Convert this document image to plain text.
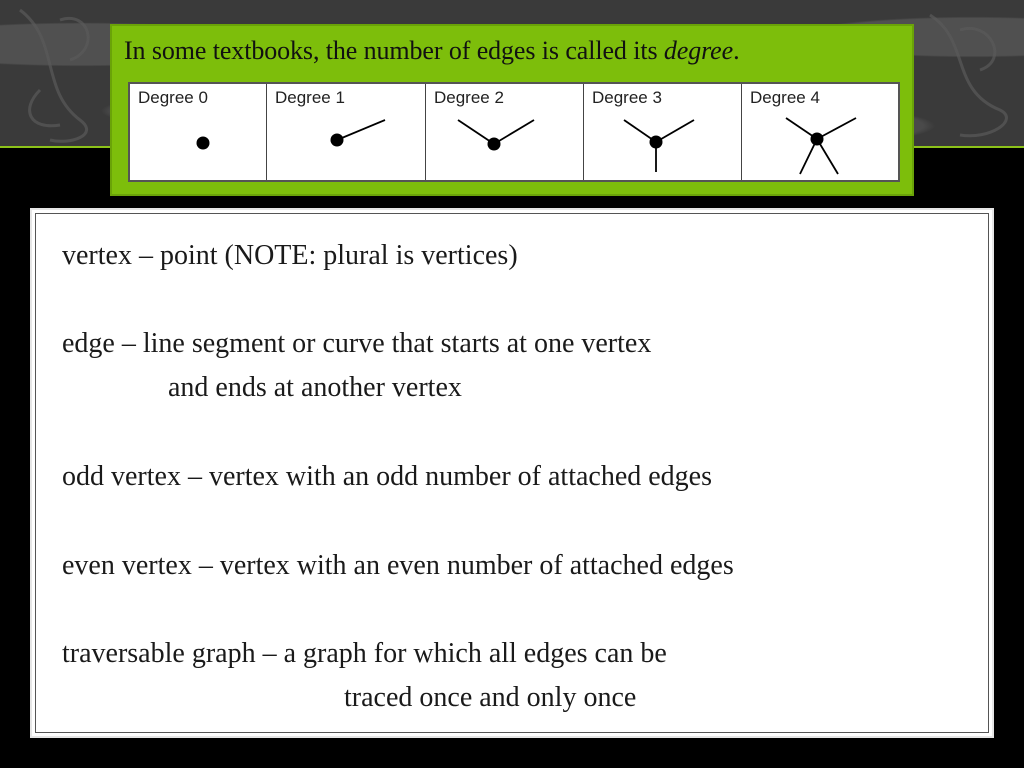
In some textbooks, the number of edges is called its degree.
Degree 0	Degree 1	Degree 2	Degree 3	Degree 4
vertex – point (NOTE: plural is vertices)
edge – line segment or curve that starts at one vertex
and ends at another vertex
odd vertex – vertex with an odd number of attached edges
even vertex – vertex with an even number of attached edges
traversable graph – a graph for which all edges can be
traced once and only once
